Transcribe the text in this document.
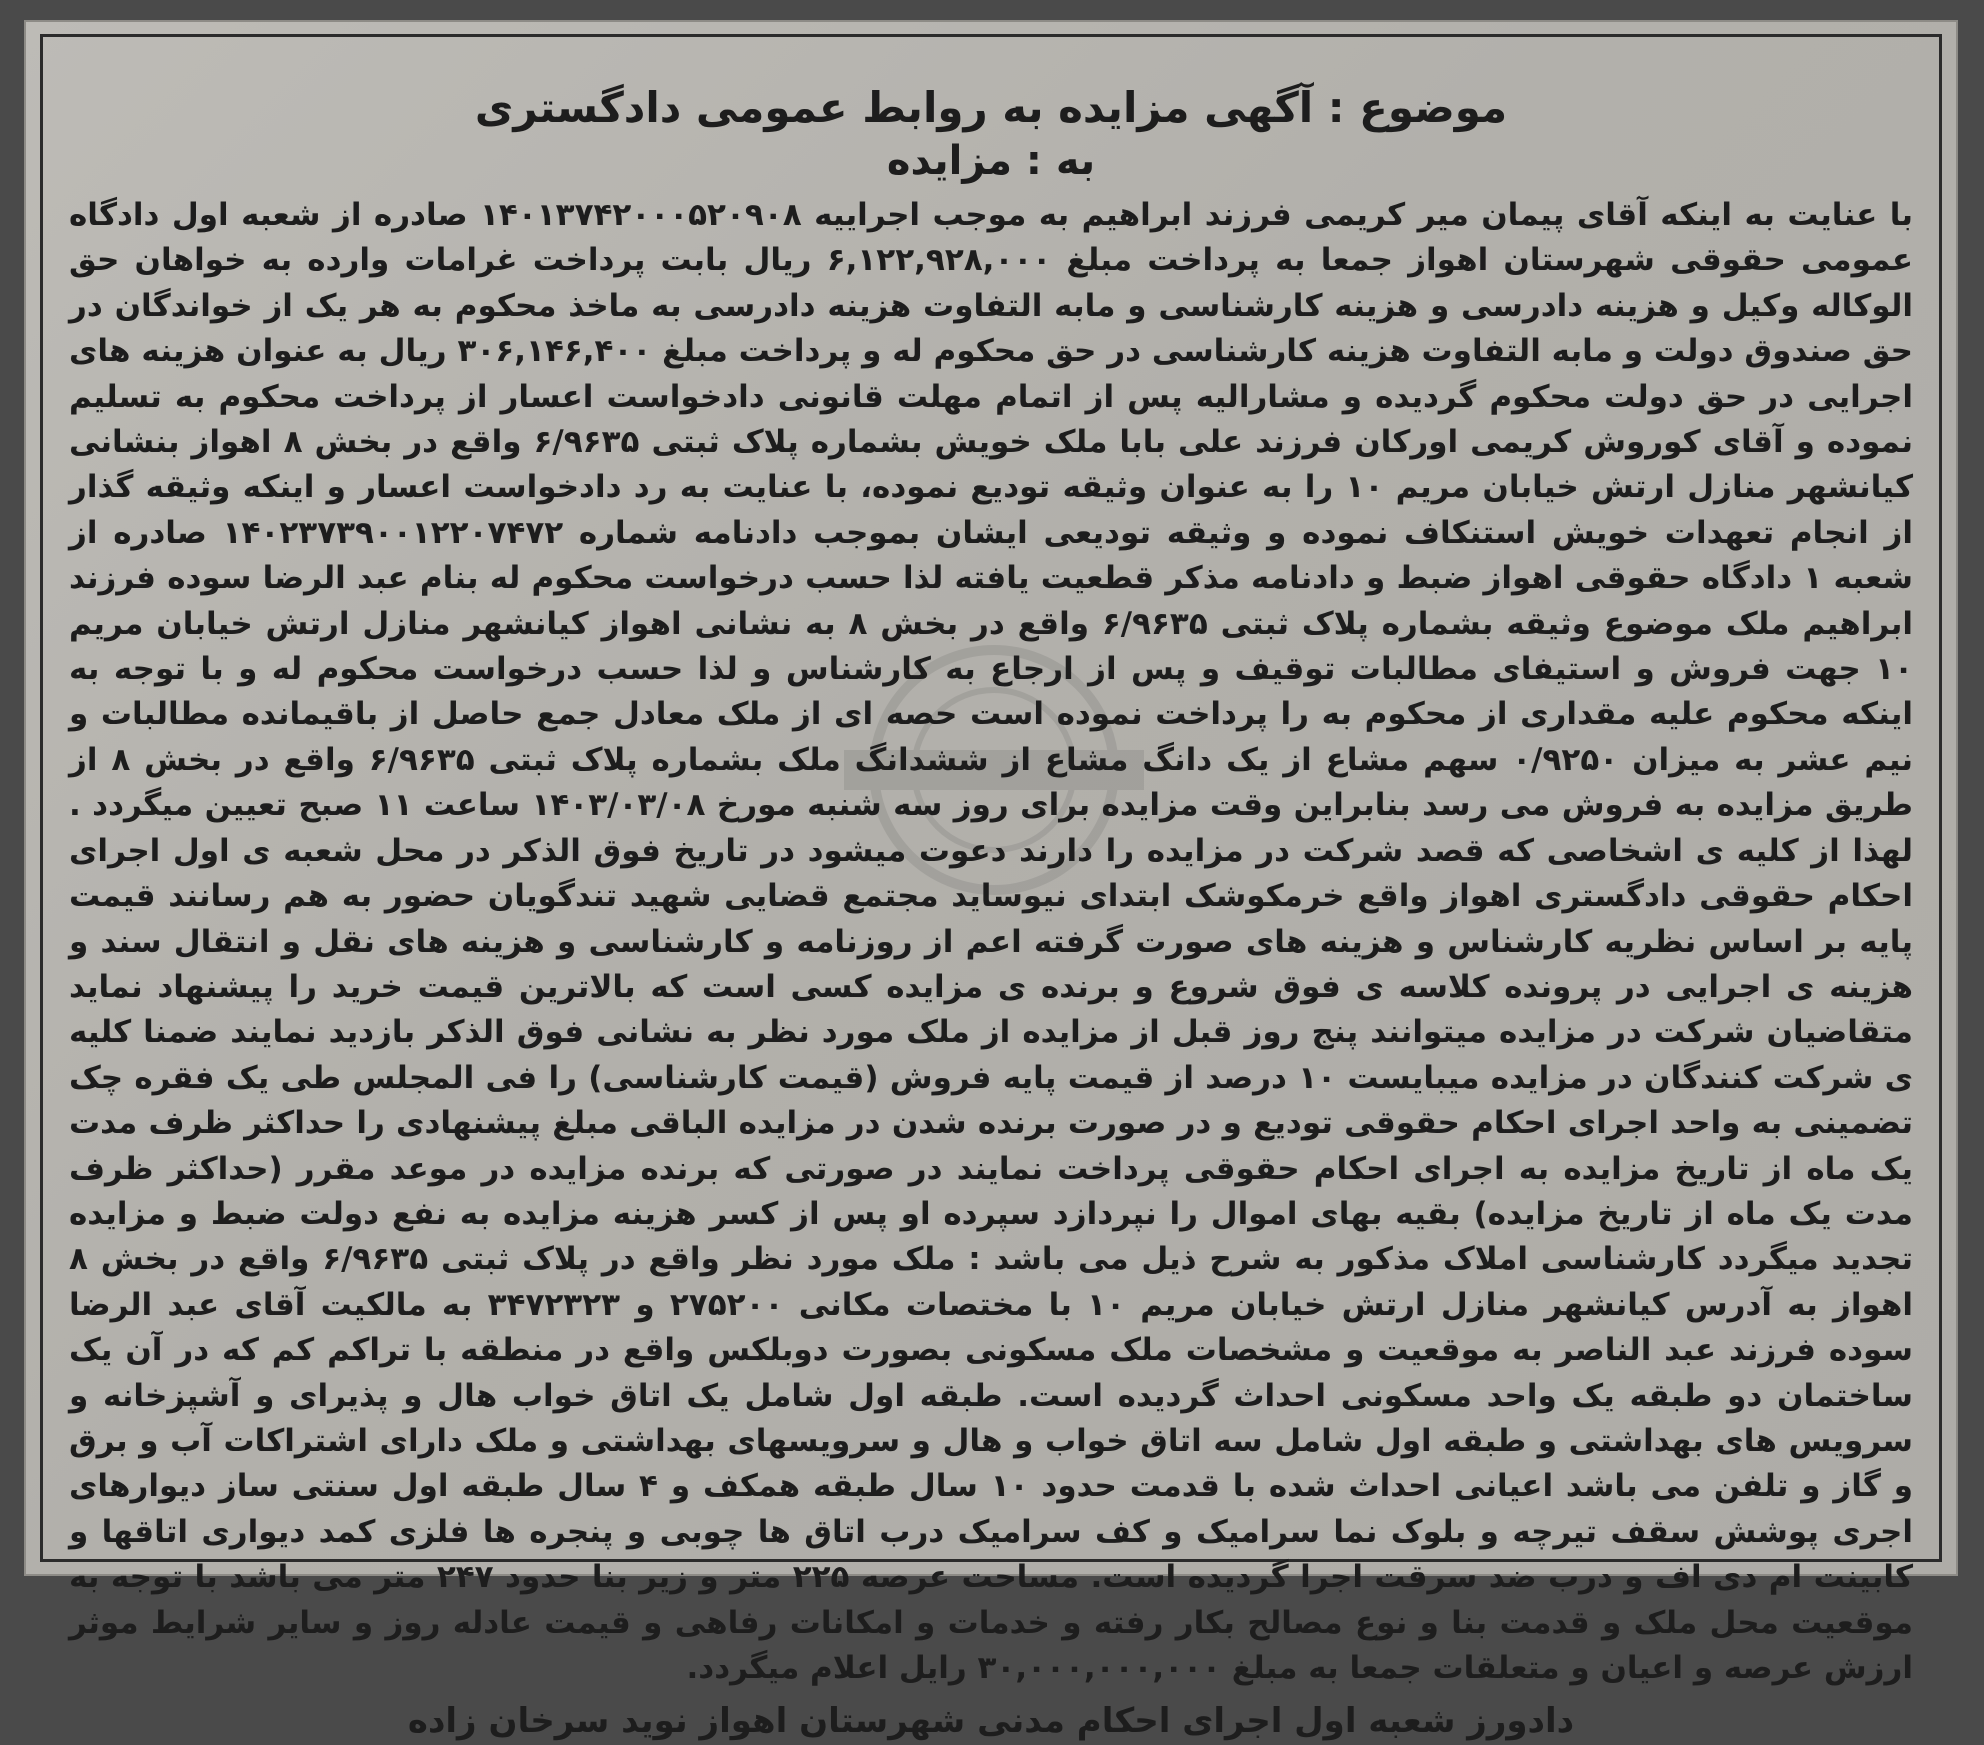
موضوع : آگهی مزایده به روابط عمومی دادگستری
به : مزایده

با عنایت به اینکه آقای پیمان میر کریمی فرزند ابراهیم به موجب اجراییه ۱۴۰۱۳۷۴۲۰۰۰۵۲۰۹۰۸ صادره از شعبه اول دادگاه عمومی حقوقی شهرستان اهواز جمعا به پرداخت مبلغ ۶,۱۲۲,۹۲۸,۰۰۰ ریال بابت پرداخت غرامات وارده به خواهان حق الوکاله وکیل و هزینه دادرسی و هزینه کارشناسی و مابه التفاوت هزینه دادرسی به ماخذ محکوم به هر یک از خواندگان در حق صندوق دولت و مابه التفاوت هزینه کارشناسی در حق محکوم له و پرداخت مبلغ ۳۰۶,۱۴۶,۴۰۰ ریال به عنوان هزینه های اجرایی در حق دولت محکوم گردیده و مشارالیه پس از اتمام مهلت قانونی دادخواست اعسار از پرداخت محکوم به تسلیم نموده و آقای کوروش کریمی اورکان فرزند علی بابا ملک خویش بشماره پلاک ثبتی ۶/۹۶۳۵ واقع در بخش ۸ اهواز بنشانی کیانشهر منازل ارتش خیابان مریم ۱۰ را به عنوان وثیقه تودیع نموده، با عنایت به رد دادخواست اعسار و اینکه وثیقه گذار از انجام تعهدات خویش استنکاف نموده و وثیقه تودیعی ایشان بموجب دادنامه شماره ۱۴۰۲۳۷۳۹۰۰۱۲۲۰۷۴۷۲ صادره از شعبه ۱ دادگاه حقوقی اهواز ضبط و دادنامه مذکر قطعیت یافته لذا حسب درخواست محکوم له بنام عبد الرضا سوده فرزند ابراهیم ملک موضوع وثیقه بشماره پلاک ثبتی ۶/۹۶۳۵ واقع در بخش ۸ به نشانی اهواز کیانشهر منازل ارتش خیابان مریم ۱۰ جهت فروش و استیفای مطالبات توقیف و پس از ارجاع به کارشناس و لذا حسب درخواست محکوم له و با توجه به اینکه محکوم علیه مقداری از محکوم به را پرداخت نموده است حصه ای از ملک معادل جمع حاصل از باقیمانده مطالبات و نیم عشر به میزان ۰/۹۲۵۰ سهم مشاع از یک دانگ مشاع از ششدانگ ملک بشماره پلاک ثبتی ۶/۹۶۳۵ واقع در بخش ۸ از طریق مزایده به فروش می رسد بنابراین وقت مزایده برای روز سه شنبه مورخ ۱۴۰۳/۰۳/۰۸ ساعت ۱۱ صبح تعیین میگردد . لهذا از کلیه ی اشخاصی که قصد شرکت در مزایده را دارند دعوت میشود در تاریخ فوق الذکر در محل شعبه ی اول اجرای احکام حقوقی دادگستری اهواز واقع خرمکوشک ابتدای نیوساید مجتمع قضایی شهید تندگویان حضور به هم رسانند قیمت پایه بر اساس نظریه کارشناس و هزینه های صورت گرفته اعم از روزنامه و کارشناسی و هزینه های نقل و انتقال سند و هزینه ی اجرایی در پرونده کلاسه ی فوق شروع و برنده ی مزایده کسی است که بالاترین قیمت خرید را پیشنهاد نماید متقاضیان شرکت در مزایده میتوانند پنج روز قبل از مزایده از ملک مورد نظر به نشانی فوق الذکر بازدید نمایند ضمنا کلیه ی شرکت کنندگان در مزایده میبایست ۱۰ درصد از قیمت پایه فروش (قیمت کارشناسی) را فی المجلس طی یک فقره چک تضمینی به واحد اجرای احکام حقوقی تودیع و در صورت برنده شدن در مزایده الباقی مبلغ پیشنهادی را حداکثر ظرف مدت یک ماه از تاریخ مزایده به اجرای احکام حقوقی پرداخت نمایند در صورتی که برنده مزایده در موعد مقرر (حداکثر ظرف مدت یک ماه از تاریخ مزایده) بقیه بهای اموال را نپردازد سپرده او پس از کسر هزینه مزایده به نفع دولت ضبط و مزایده تجدید میگردد کارشناسی املاک مذکور به شرح ذیل می باشد : ملک مورد نظر واقع در پلاک ثبتی ۶/۹۶۳۵ واقع در بخش ۸ اهواز به آدرس کیانشهر منازل ارتش خیابان مریم ۱۰ با مختصات مکانی ۲۷۵۲۰۰ و ۳۴۷۲۳۲۳ به مالکیت آقای عبد الرضا سوده فرزند عبد الناصر به موقعیت و مشخصات ملک مسکونی بصورت دوبلکس واقع در منطقه با تراکم کم که در آن یک ساختمان دو طبقه یک واحد مسکونی احداث گردیده است. طبقه اول شامل یک اتاق خواب هال و پذیرای و آشپزخانه و سرویس های بهداشتی و طبقه اول شامل سه اتاق خواب و هال و سرویسهای بهداشتی و ملک دارای اشتراکات آب و برق و گاز و تلفن می باشد اعیانی احداث شده با قدمت حدود ۱۰ سال طبقه همکف و ۴ سال طبقه اول سنتی ساز دیوارهای اجری پوشش سقف تیرچه و بلوک نما سرامیک و کف سرامیک درب اتاق ها چوبی و پنجره ها فلزی کمد دیواری اتاقها و کابینت ام دی اف و درب ضد سرقت اجرا گردیده است. مساحت عرصه ۲۲۵ متر و زیر بنا حدود ۲۴۷ متر می باشد با توجه به موقعیت محل ملک و قدمت بنا و نوع مصالح بکار رفته و خدمات و امکانات رفاهی و قیمت عادله روز و سایر شرایط موثر ارزش عرصه و اعیان و متعلقات جمعا به مبلغ ۳۰,۰۰۰,۰۰۰,۰۰۰ رایل اعلام میگردد.

دادورز شعبه اول اجرای احکام مدنی شهرستان اهواز نوید سرخان زاده
